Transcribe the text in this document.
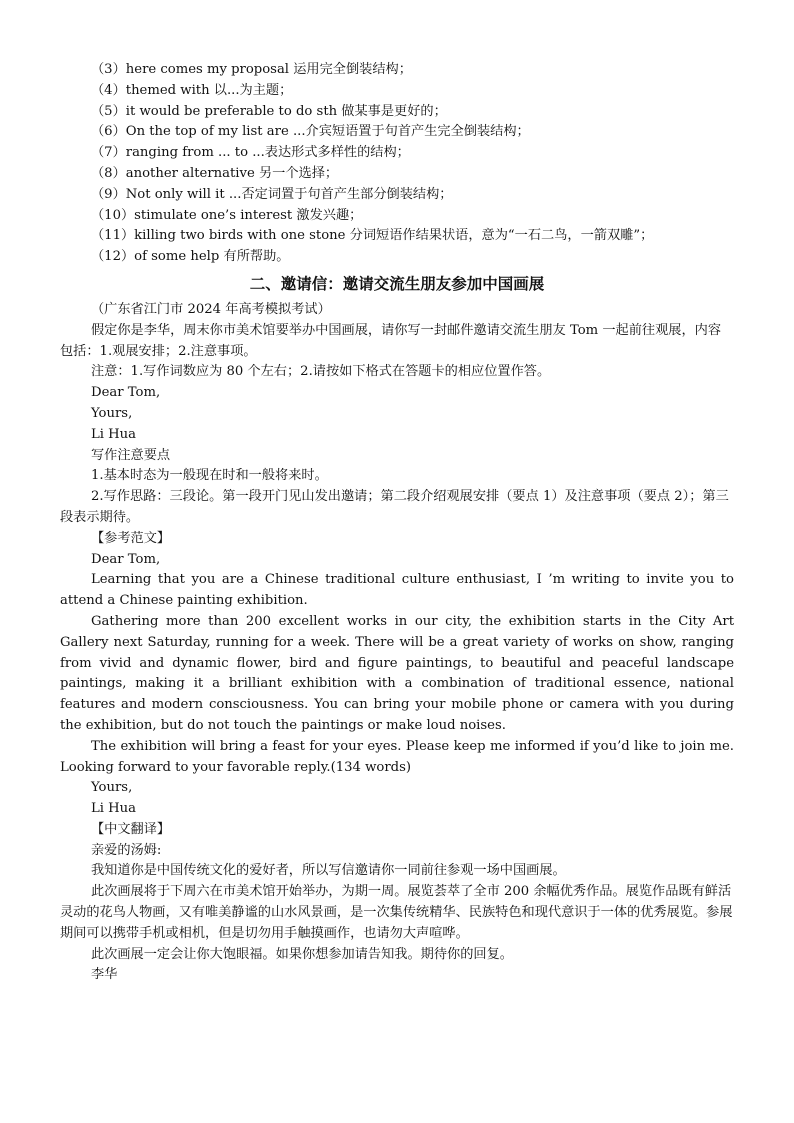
（3）here comes my proposal 运用完全倒装结构；

（4）themed with 以...为主题；

（5）it would be preferable to do sth 做某事是更好的；

（6）On the top of my list are ...介宾短语置于句首产生完全倒装结构；

（7）ranging from ... to ...表达形式多样性的结构；

（8）another alternative 另一个选择；

（9）Not only will it ...否定词置于句首产生部分倒装结构；

（10）stimulate one’s interest 激发兴趣；

（11）killing two birds with one stone 分词短语作结果状语，意为“一石二鸟，一箭双雕”；

（12）of some help 有所帮助。

二、邀请信：邀请交流生朋友参加中国画展

（广东省江门市 2024 年高考模拟考试）

假定你是李华，周末你市美术馆要举办中国画展，请你写一封邮件邀请交流生朋友 Tom 一起前往观展，内容包括：1.观展安排；2.注意事项。

注意：1.写作词数应为 80 个左右；2.请按如下格式在答题卡的相应位置作答。

Dear Tom,

Yours,

Li Hua

写作注意要点

1.基本时态为一般现在时和一般将来时。

2.写作思路：三段论。第一段开门见山发出邀请；第二段介绍观展安排（要点 1）及注意事项（要点 2）；第三段表示期待。

【参考范文】

Dear Tom,

Learning that you are a Chinese traditional culture enthusiast, I ’m writing to invite you to attend a Chinese painting exhibition.

Gathering more than 200 excellent works in our city, the exhibition starts in the City Art Gallery next Saturday, running for a week. There will be a great variety of works on show, ranging from vivid and dynamic flower, bird and figure paintings, to beautiful and peaceful landscape paintings, making it a brilliant exhibition with a combination of traditional essence, national features and modern consciousness. You can bring your mobile phone or camera with you during the exhibition, but do not touch the paintings or make loud noises.

The exhibition will bring a feast for your eyes. Please keep me informed if you’d like to join me. Looking forward to your favorable reply.(134 words)

Yours,

Li Hua

【中文翻译】

亲爱的汤姆:

我知道你是中国传统文化的爱好者，所以写信邀请你一同前往参观一场中国画展。

此次画展将于下周六在市美术馆开始举办，为期一周。展览荟萃了全市 200 余幅优秀作品。展览作品既有鲜活灵动的花鸟人物画，又有唯美静谧的山水风景画，是一次集传统精华、民族特色和现代意识于一体的优秀展览。参展期间可以携带手机或相机，但是切勿用手触摸画作，也请勿大声喧哗。

此次画展一定会让你大饱眼福。如果你想参加请告知我。期待你的回复。

李华
